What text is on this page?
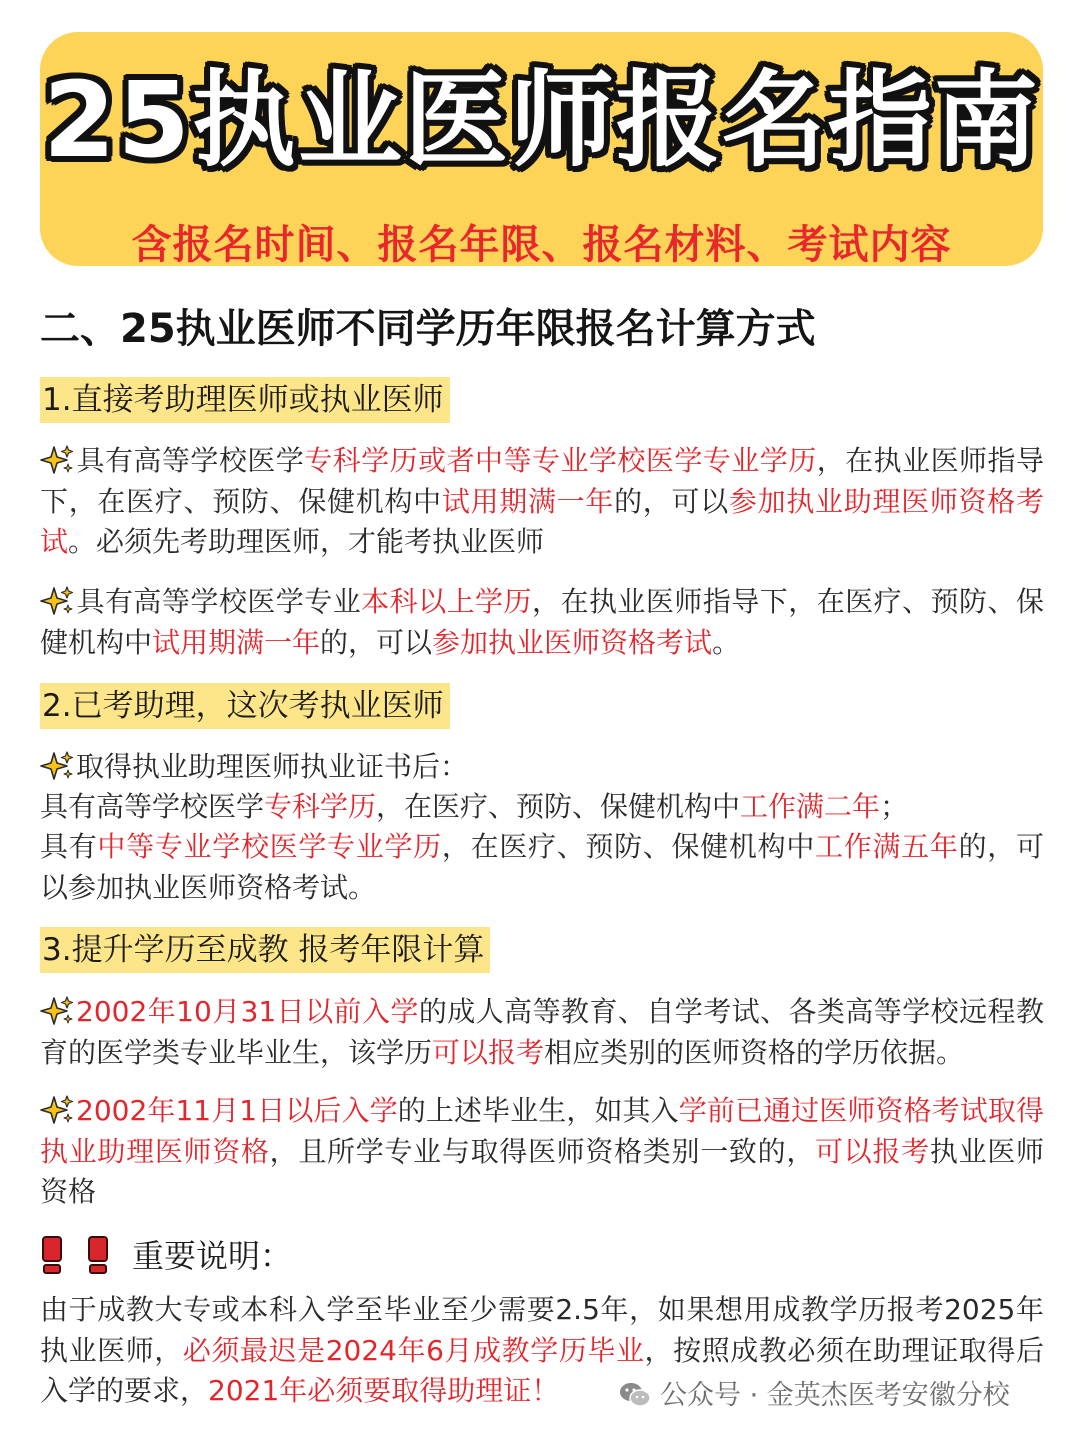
25执业医师报名指南
含报名时间、报名年限、报名材料、考试内容
二、25执业医师不同学历年限报名计算方式
1.直接考助理医师或执业医师

具有高等学校医学专科学历或者中等专业学校医学专业学历，在执业医师指导下，在医疗、预防、保健机构中试用期满一年的，可以参加执业助理医师资格考试。必须先考助理医师，才能考执业医师

具有高等学校医学专业本科以上学历，在执业医师指导下，在医疗、预防、保健机构中试用期满一年的，可以参加执业医师资格考试。

2.已考助理，这次考执业医师

取得执业助理医师执业证书后：

具有高等学校医学专科学历，在医疗、预防、保健机构中工作满二年；

具有中等专业学校医学专业学历，在医疗、预防、保健机构中工作满五年的，可以参加执业医师资格考试。

3.提升学历至成教 报考年限计算

2002年10月31日以前入学的成人高等教育、自学考试、各类高等学校远程教育的医学类专业毕业生，该学历可以报考相应类别的医师资格的学历依据。

2002年11月1日以后入学的上述毕业生，如其入学前已通过医师资格考试取得执业助理医师资格，且所学专业与取得医师资格类别一致的，可以报考执业医师资格

重要说明：

由于成教大专或本科入学至毕业至少需要2.5年，如果想用成教学历报考2025年执业医师，必须最迟是2024年6月成教学历毕业，按照成教必须在助理证取得后入学的要求，2021年必须要取得助理证！	公众号 · 金英杰医考安徽分校
